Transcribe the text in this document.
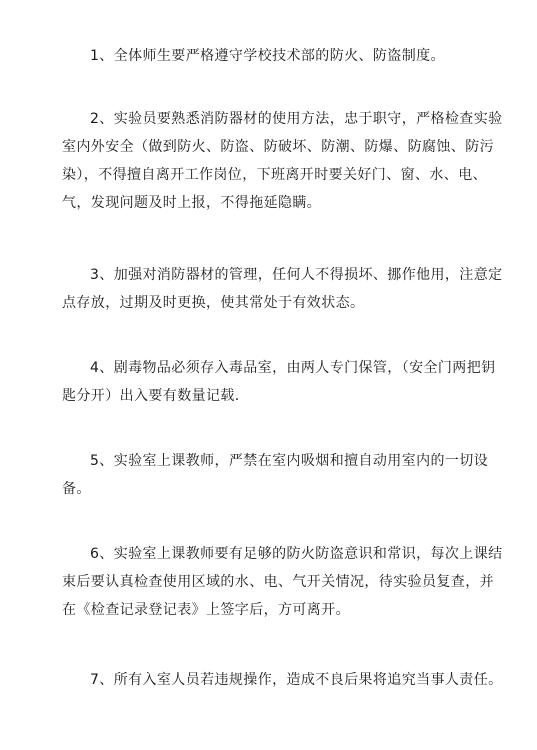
1、全体师生要严格遵守学校技术部的防火、防盗制度。

2、实验员要熟悉消防器材的使用方法，忠于职守，严格检查实验室内外安全（做到防火、防盗、防破坏、防潮、防爆、防腐蚀、防污染），不得擅自离开工作岗位，下班离开时要关好门、窗、水、电、气，发现问题及时上报，不得拖延隐瞒。

3、加强对消防器材的管理，任何人不得损坏、挪作他用，注意定点存放，过期及时更换，使其常处于有效状态。

4、剧毒物品必须存入毒品室，由两人专门保管，（安全门两把钥匙分开）出入要有数量记载.

5、实验室上课教师，严禁在室内吸烟和擅自动用室内的一切设备。

6、实验室上课教师要有足够的防火防盗意识和常识，每次上课结束后要认真检查使用区域的水、电、气开关情况，待实验员复查，并在《检查记录登记表》上签字后，方可离开。

7、所有入室人员若违规操作，造成不良后果将追究当事人责任。
